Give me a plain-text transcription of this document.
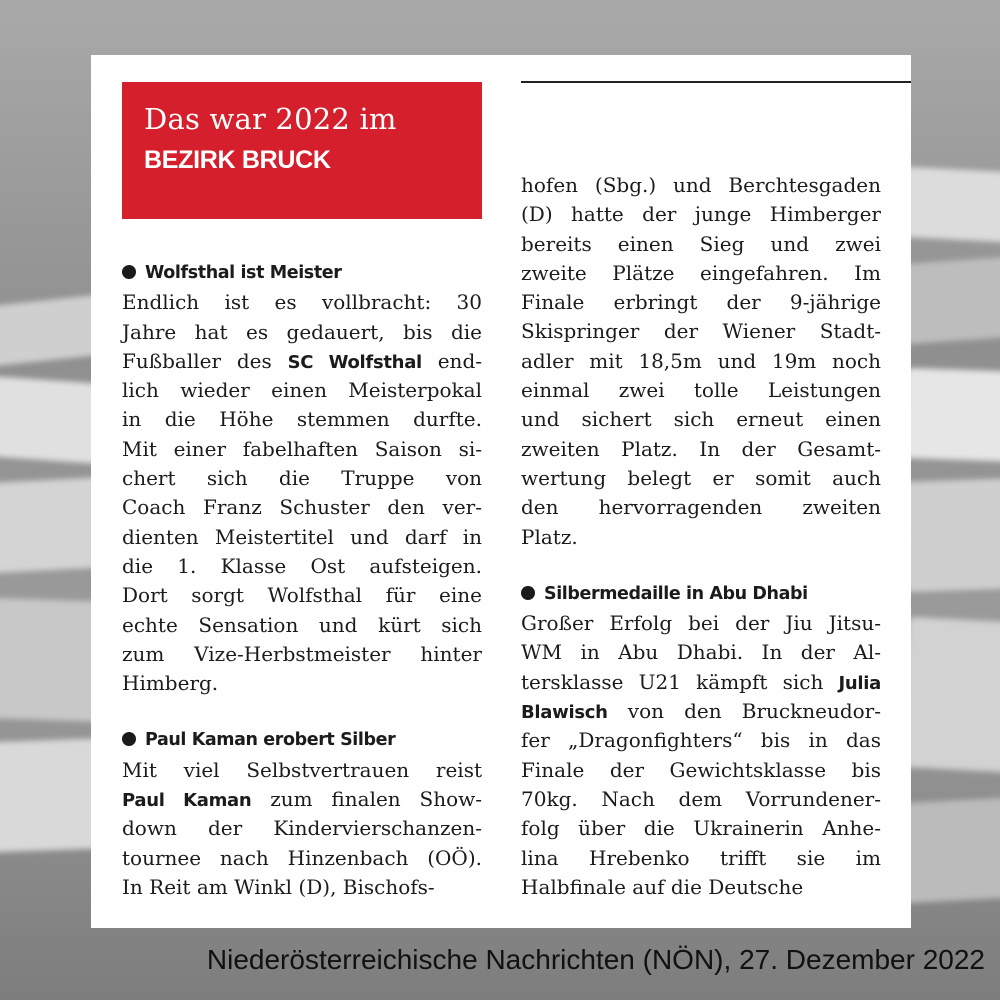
Das war 2022 im
BEZIRK BRUCK
Wolfsthal ist Meister
Endlich ist es vollbracht: 30
Jahre hat es gedauert, bis die
Fußballer des SC Wolfsthal end-
lich wieder einen Meisterpokal
in die Höhe stemmen durfte.
Mit einer fabelhaften Saison si-
chert sich die Truppe von
Coach Franz Schuster den ver-
dienten Meistertitel und darf in
die 1. Klasse Ost aufsteigen.
Dort sorgt Wolfsthal für eine
echte Sensation und kürt sich
zum Vize-Herbstmeister hinter
Himberg.
Paul Kaman erobert Silber
Mit viel Selbstvertrauen reist
Paul Kaman zum finalen Show-
down der Kindervierschanzen-
tournee nach Hinzenbach (OÖ).
In Reit am Winkl (D), Bischofs-
hofen (Sbg.) und Berchtesgaden
(D) hatte der junge Himberger
bereits einen Sieg und zwei
zweite Plätze eingefahren. Im
Finale erbringt der 9-jährige
Skispringer der Wiener Stadt-
adler mit 18,5m und 19m noch
einmal zwei tolle Leistungen
und sichert sich erneut einen
zweiten Platz. In der Gesamt-
wertung belegt er somit auch
den hervorragenden zweiten
Platz.
Silbermedaille in Abu Dhabi
Großer Erfolg bei der Jiu Jitsu-
WM in Abu Dhabi. In der Al-
tersklasse U21 kämpft sich Julia
Blawisch von den Bruckneudor-
fer „Dragonfighters“ bis in das
Finale der Gewichtsklasse bis
70kg. Nach dem Vorrundener-
folg über die Ukrainerin Anhe-
lina Hrebenko trifft sie im
Halbfinale auf die Deutsche
Niederösterreichische Nachrichten (NÖN), 27. Dezember 2022
